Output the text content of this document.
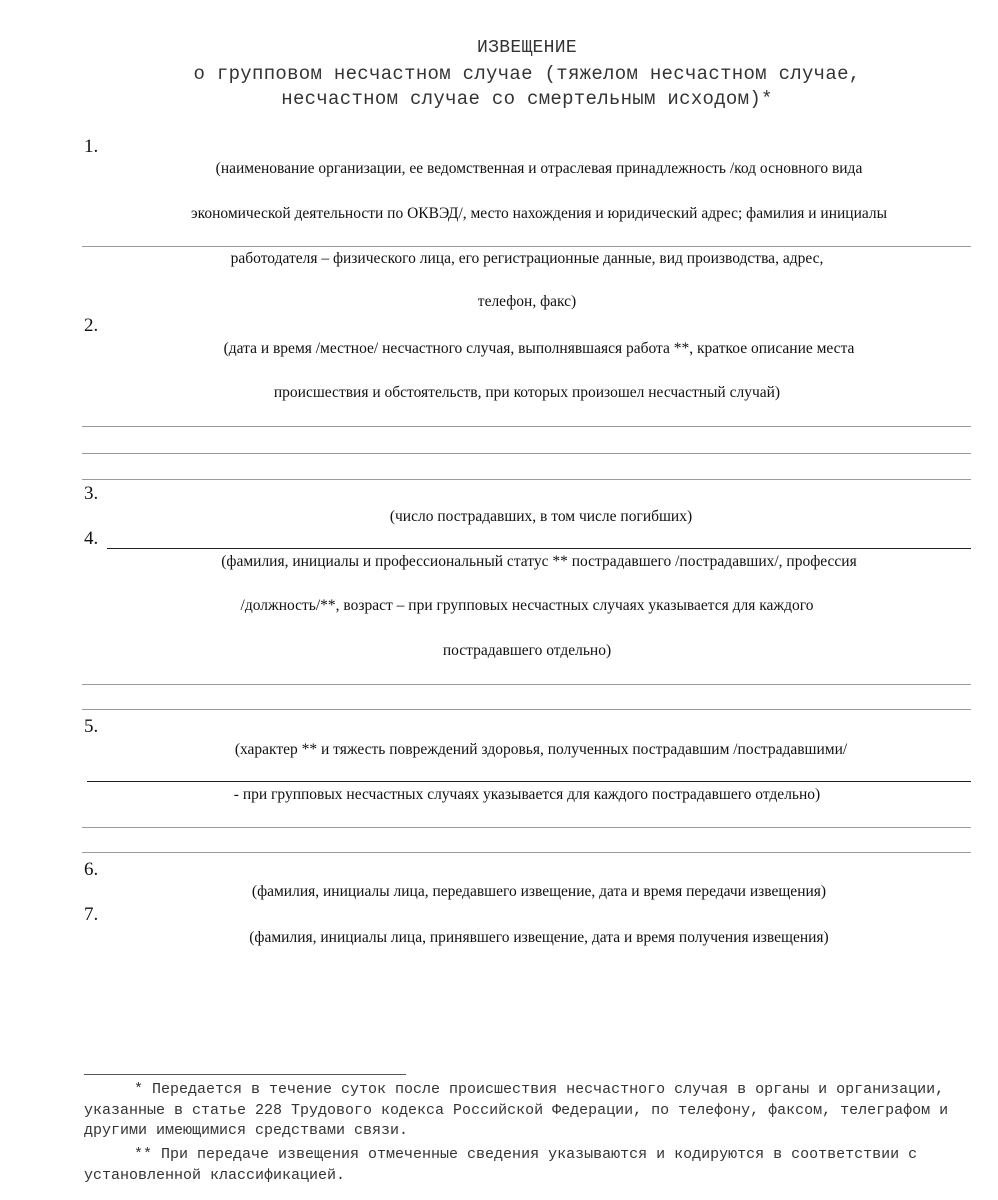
ИЗВЕЩЕНИЕ
о групповом несчастном случае (тяжелом несчастном случае,
несчастном случае со смертельным исходом)*
1.
(наименование организации, ее ведомственная и отраслевая принадлежность /код основного вида
экономической деятельности по ОКВЭД/, место нахождения и юридический адрес; фамилия и инициалы
работодателя – физического лица, его регистрационные данные, вид производства, адрес,
телефон, факс)
2.
(дата и время /местное/ несчастного случая, выполнявшаяся работа **, краткое описание места
происшествия и обстоятельств, при которых произошел несчастный случай)
3.
(число пострадавших, в том числе погибших)
4.
(фамилия, инициалы и профессиональный статус ** пострадавшего /пострадавших/, профессия
/должность/**, возраст – при групповых несчастных случаях указывается для каждого
пострадавшего отдельно)
5.
(характер ** и тяжесть повреждений здоровья, полученных пострадавшим /пострадавшими/
- при групповых несчастных случаях указывается для каждого пострадавшего отдельно)
6.
(фамилия, инициалы лица, передавшего извещение, дата и время передачи извещения)
7.
(фамилия, инициалы лица, принявшего извещение, дата и время получения извещения)
* Передается в течение суток после происшествия несчастного случая в органы и организации, указанные в статье 228 Трудового кодекса Российской Федерации, по телефону, факсом, телеграфом и другими имеющимися средствами связи.
** При передаче извещения отмеченные сведения указываются и кодируются в соответствии с установленной классификацией.
